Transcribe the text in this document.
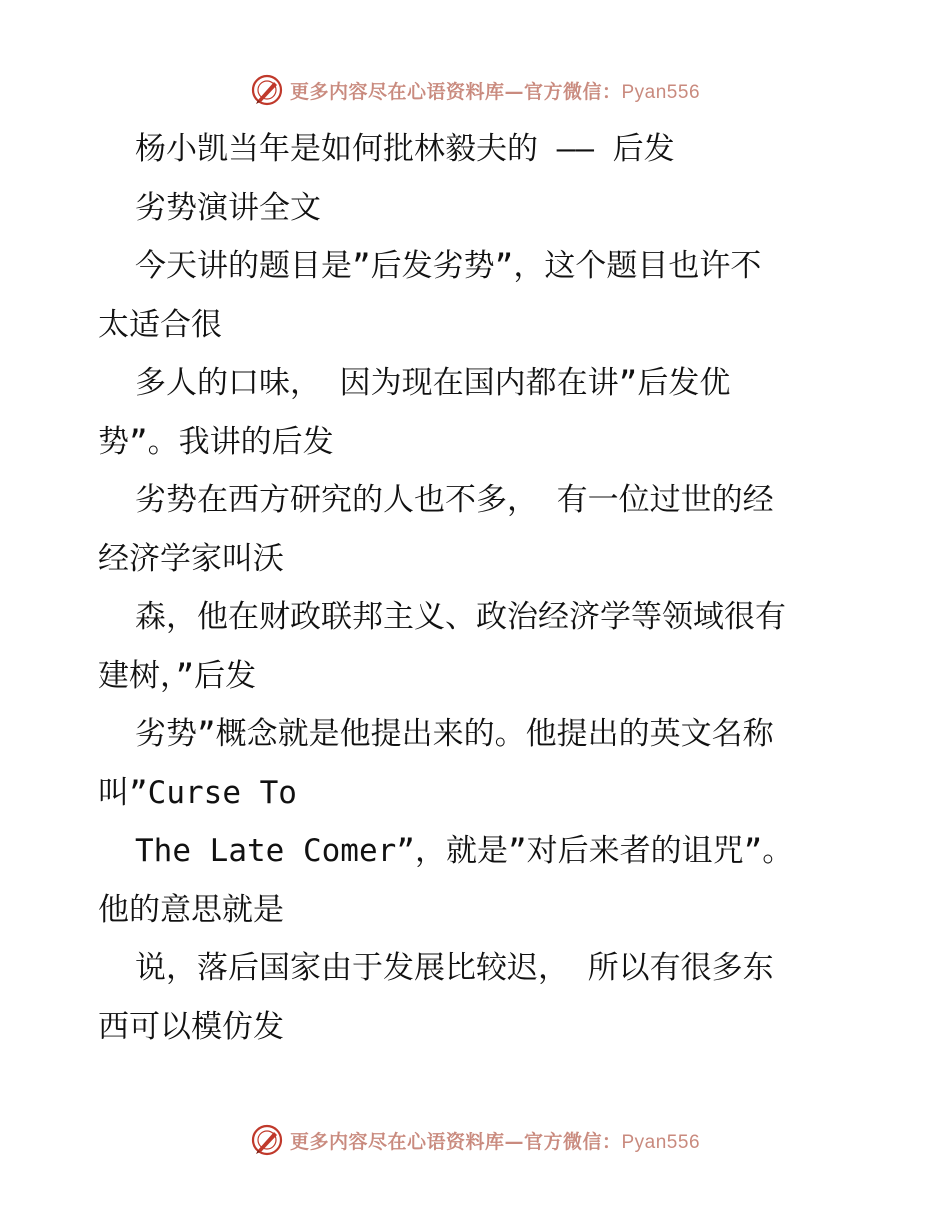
更多内容尽在心语资料库—官方微信：Pyan556
杨小凯当年是如何批林毅夫的 —— 后发
劣势演讲全文
今天讲的题目是”后发劣势”，这个题目也许不
太适合很
多人的口味， 因为现在国内都在讲”后发优
势”。我讲的后发
劣势在西方研究的人也不多， 有一位过世的经
经济学家叫沃
森，他在财政联邦主义、政治经济学等领域很有
建树，”后发
劣势”概念就是他提出来的。他提出的英文名称
叫”Curse To
The Late Comer”，就是”对后来者的诅咒”。
他的意思就是
说，落后国家由于发展比较迟， 所以有很多东
西可以模仿发
更多内容尽在心语资料库—官方微信：Pyan556
